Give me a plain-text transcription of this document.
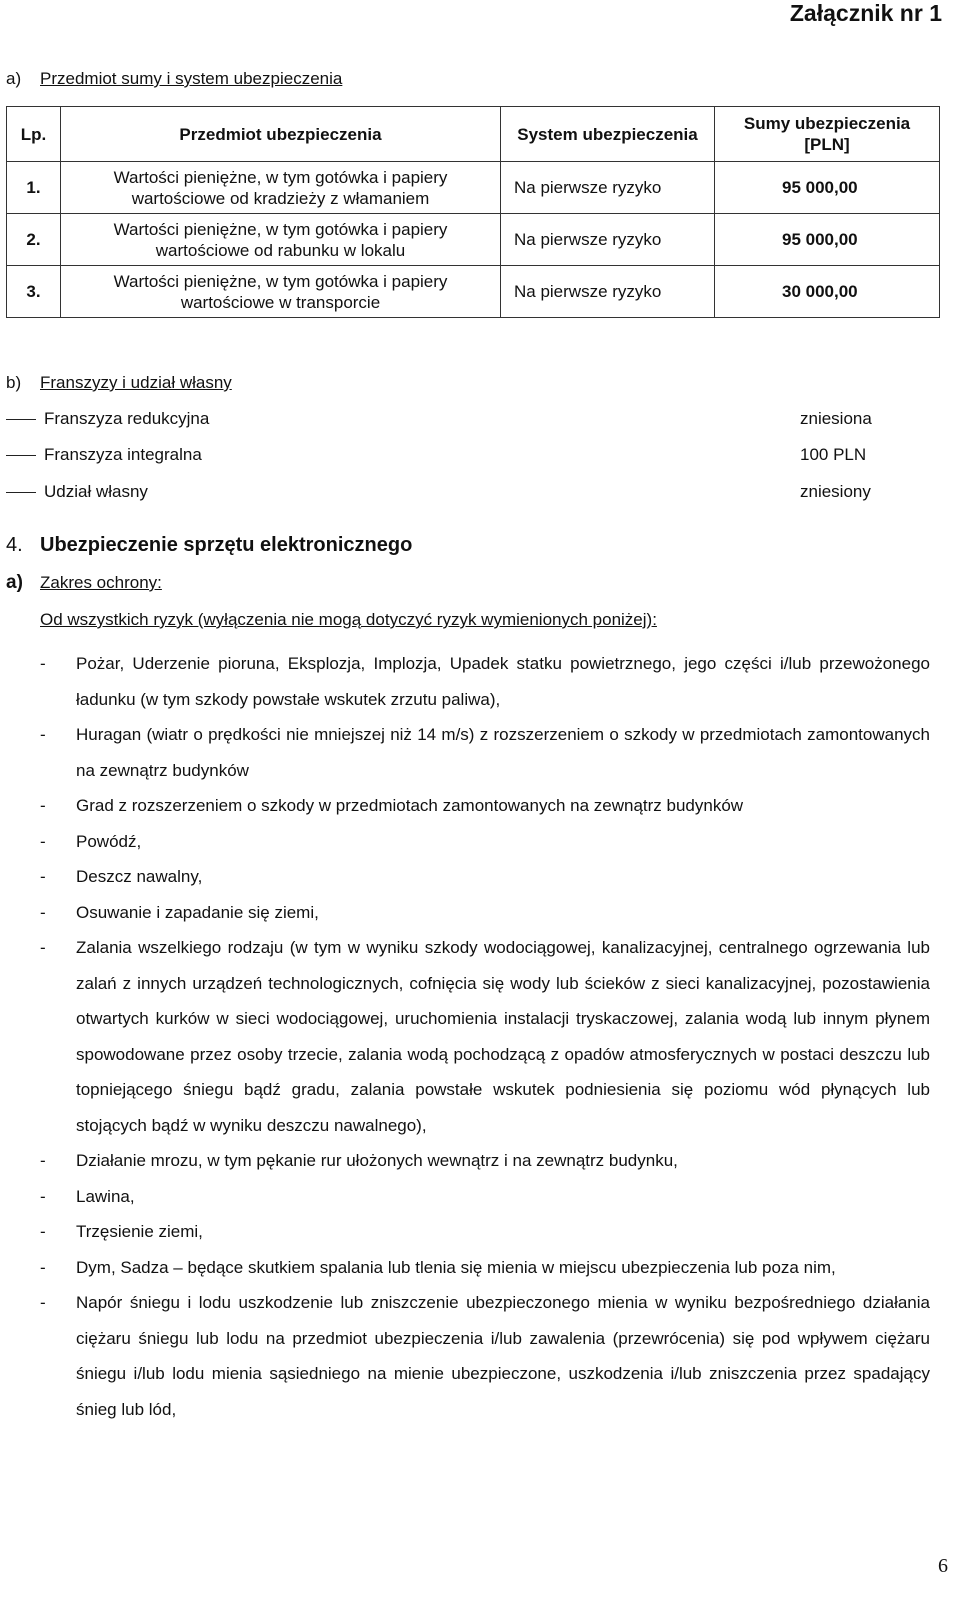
Załącznik nr 1
a) Przedmiot sumy i system ubezpieczenia
Lp.	Przedmiot ubezpieczenia	System ubezpieczenia	Sumy ubezpieczenia [PLN]
1.	Wartości pieniężne, w tym gotówka i papiery wartościowe od kradzieży z włamaniem	Na pierwsze ryzyko	95 000,00
2.	Wartości pieniężne, w tym gotówka i papiery wartościowe od rabunku w lokalu	Na pierwsze ryzyko	95 000,00
3.	Wartości pieniężne, w tym gotówka i papiery wartościowe w transporcie	Na pierwsze ryzyko	30 000,00
b) Franszyzy i udział własny
Franszyza redukcyjna	zniesiona
Franszyza integralna	100 PLN
Udział własny	zniesiony
4. Ubezpieczenie sprzętu elektronicznego
a) Zakres ochrony:
Od wszystkich ryzyk (wyłączenia nie mogą dotyczyć ryzyk wymienionych poniżej):
- Pożar, Uderzenie pioruna, Eksplozja, Implozja, Upadek statku powietrznego, jego części i/lub przewożonego ładunku (w tym szkody powstałe wskutek zrzutu paliwa),
- Huragan (wiatr o prędkości nie mniejszej niż 14 m/s) z rozszerzeniem o szkody w przedmiotach zamontowanych na zewnątrz budynków
- Grad z rozszerzeniem o szkody w przedmiotach zamontowanych na zewnątrz budynków
- Powódź,
- Deszcz nawalny,
- Osuwanie i zapadanie się ziemi,
- Zalania wszelkiego rodzaju (w tym w wyniku szkody wodociągowej, kanalizacyjnej, centralnego ogrzewania lub zalań z innych urządzeń technologicznych, cofnięcia się wody lub ścieków z sieci kanalizacyjnej, pozostawienia otwartych kurków w sieci wodociągowej, uruchomienia instalacji tryskaczowej, zalania wodą lub innym płynem spowodowane przez osoby trzecie, zalania wodą pochodzącą z opadów atmosferycznych w postaci deszczu lub topniejącego śniegu bądź gradu, zalania powstałe wskutek podniesienia się poziomu wód płynących lub stojących bądź w wyniku deszczu nawalnego),
- Działanie mrozu, w tym pękanie rur ułożonych wewnątrz i na zewnątrz budynku,
- Lawina,
- Trzęsienie ziemi,
- Dym, Sadza – będące skutkiem spalania lub tlenia się mienia w miejscu ubezpieczenia lub poza nim,
- Napór śniegu i lodu uszkodzenie lub zniszczenie ubezpieczonego mienia w wyniku bezpośredniego działania ciężaru śniegu lub lodu na przedmiot ubezpieczenia i/lub zawalenia (przewrócenia) się pod wpływem ciężaru śniegu i/lub lodu mienia sąsiedniego na mienie ubezpieczone, uszkodzenia i/lub zniszczenia przez spadający śnieg lub lód,
6
